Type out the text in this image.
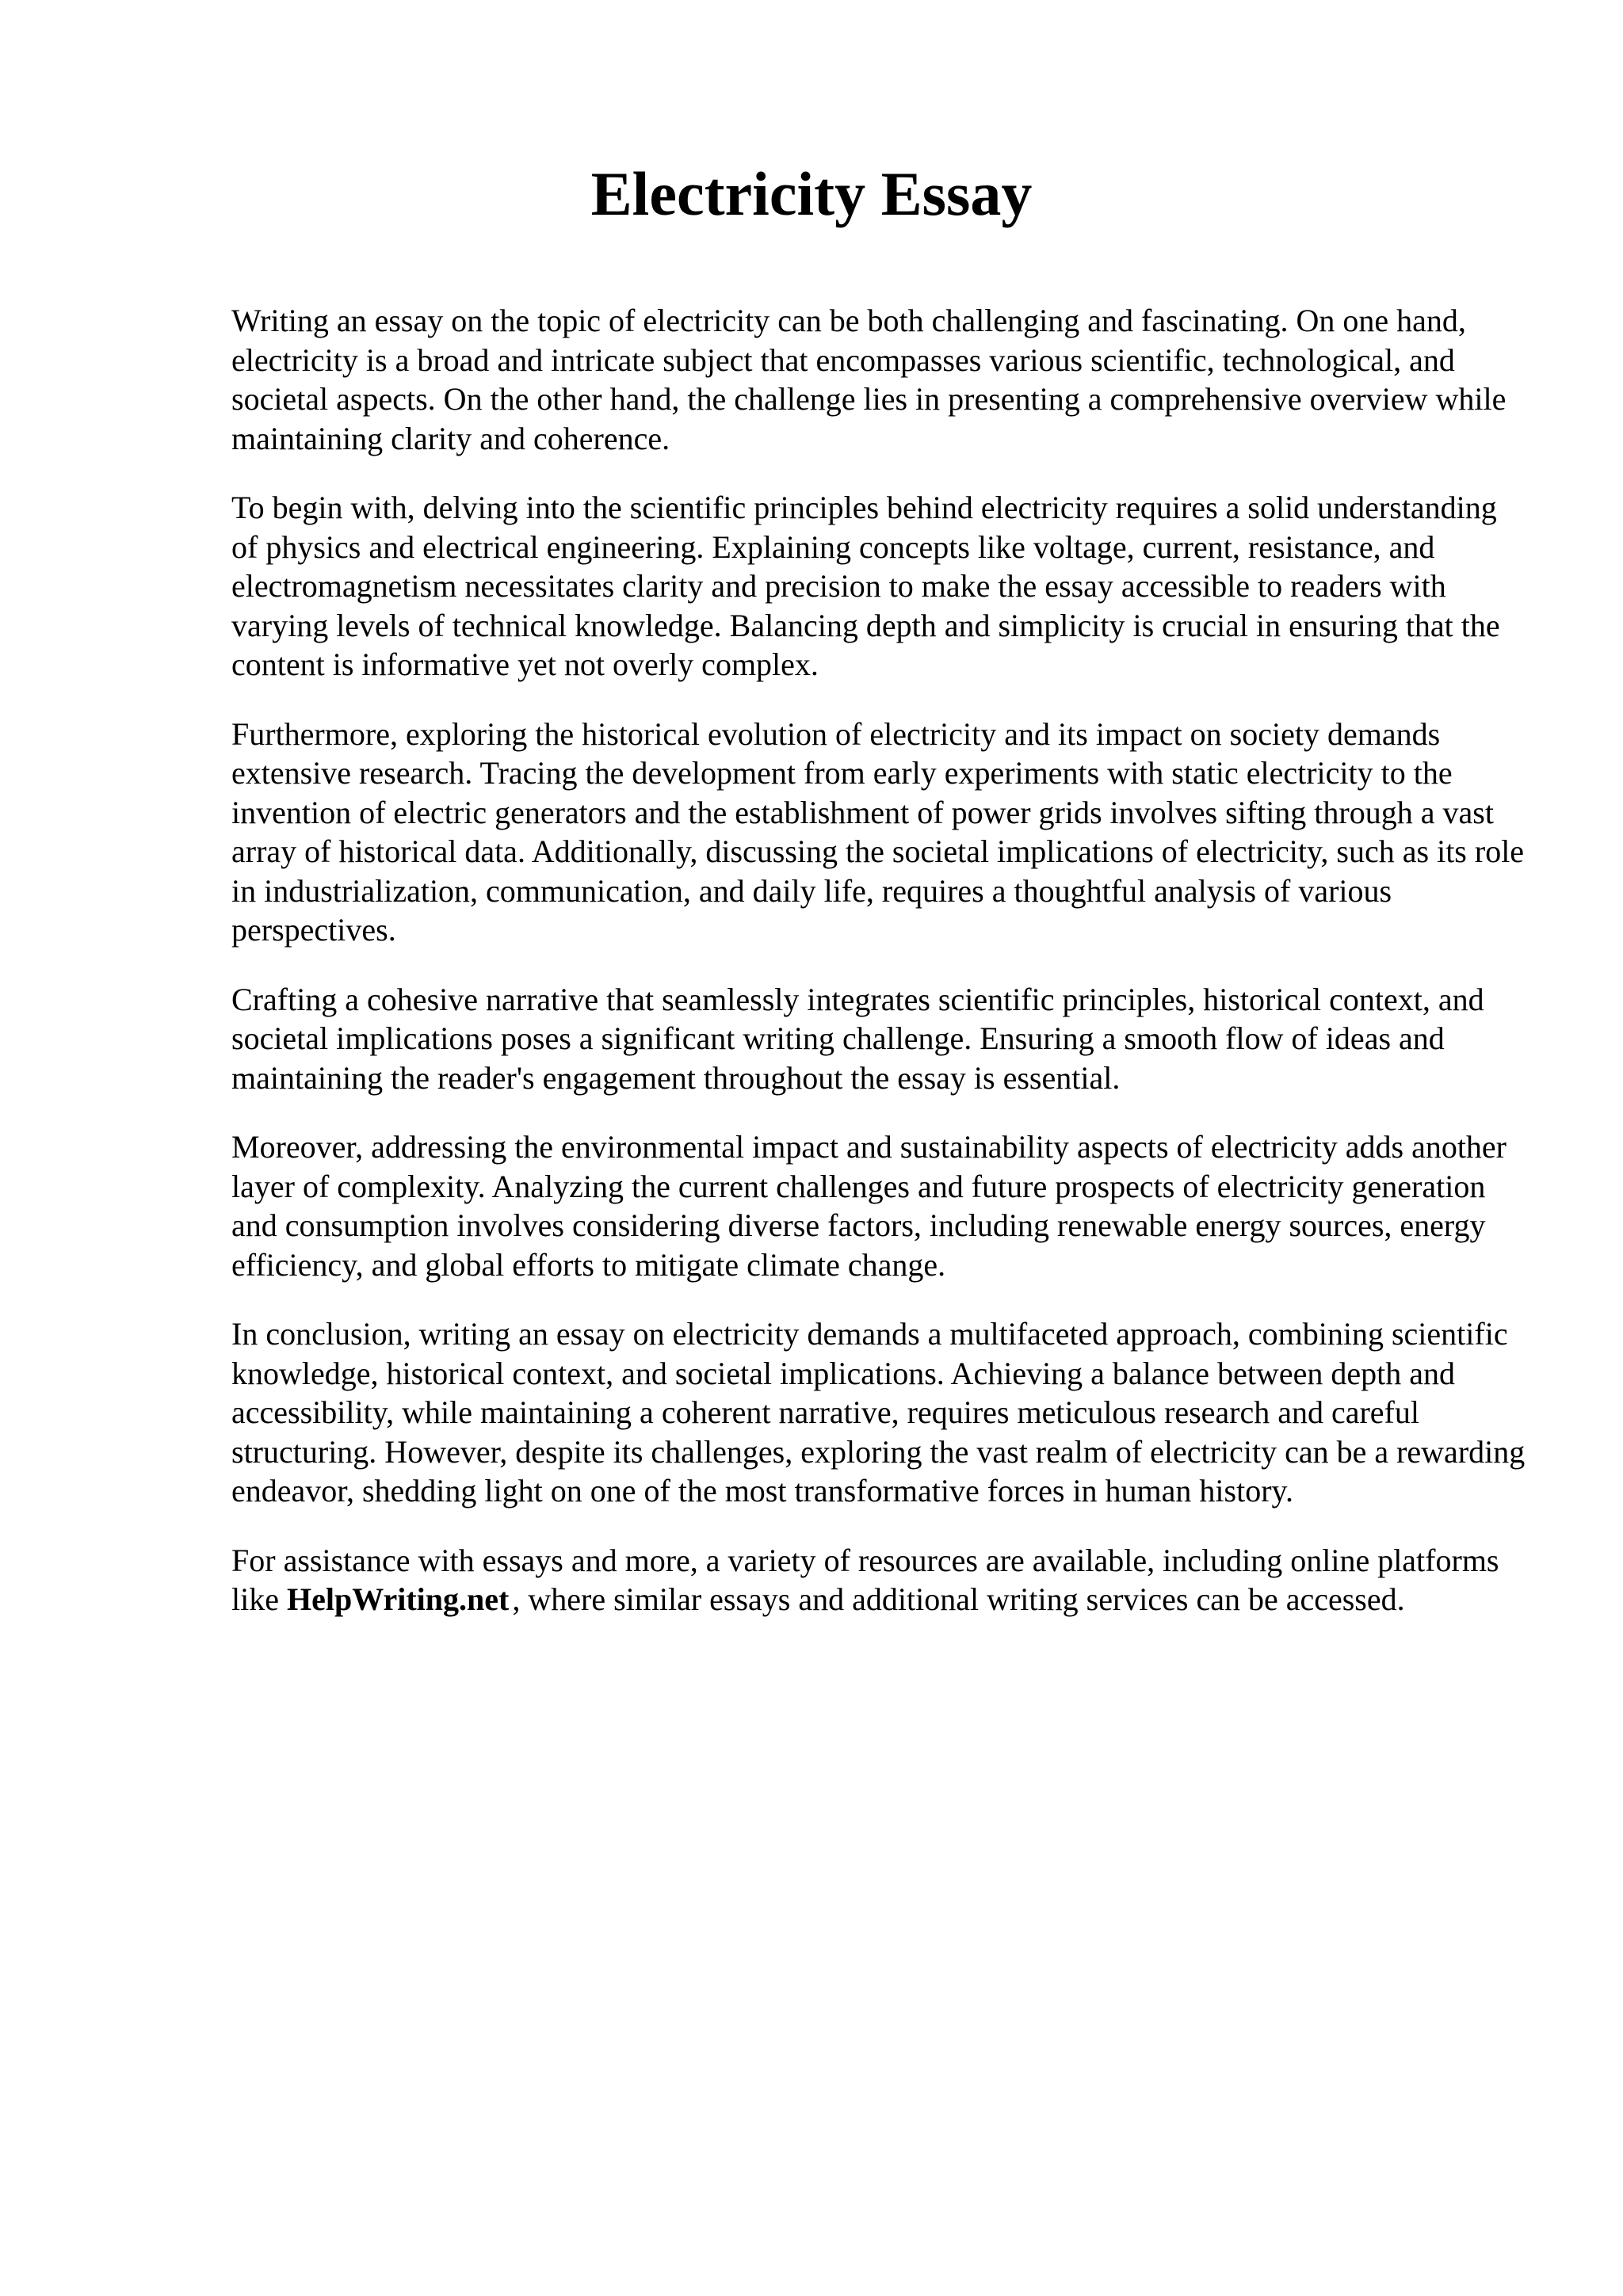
Electricity Essay

Writing an essay on the topic of electricity can be both challenging and fascinating. On one hand, electricity is a broad and intricate subject that encompasses various scientific, technological, and societal aspects. On the other hand, the challenge lies in presenting a comprehensive overview while maintaining clarity and coherence.

To begin with, delving into the scientific principles behind electricity requires a solid understanding of physics and electrical engineering. Explaining concepts like voltage, current, resistance, and electromagnetism necessitates clarity and precision to make the essay accessible to readers with varying levels of technical knowledge. Balancing depth and simplicity is crucial in ensuring that the content is informative yet not overly complex.

Furthermore, exploring the historical evolution of electricity and its impact on society demands extensive research. Tracing the development from early experiments with static electricity to the invention of electric generators and the establishment of power grids involves sifting through a vast array of historical data. Additionally, discussing the societal implications of electricity, such as its role in industrialization, communication, and daily life, requires a thoughtful analysis of various perspectives.

Crafting a cohesive narrative that seamlessly integrates scientific principles, historical context, and societal implications poses a significant writing challenge. Ensuring a smooth flow of ideas and maintaining the reader's engagement throughout the essay is essential.

Moreover, addressing the environmental impact and sustainability aspects of electricity adds another layer of complexity. Analyzing the current challenges and future prospects of electricity generation and consumption involves considering diverse factors, including renewable energy sources, energy efficiency, and global efforts to mitigate climate change.

In conclusion, writing an essay on electricity demands a multifaceted approach, combining scientific knowledge, historical context, and societal implications. Achieving a balance between depth and accessibility, while maintaining a coherent narrative, requires meticulous research and careful structuring. However, despite its challenges, exploring the vast realm of electricity can be a rewarding endeavor, shedding light on one of the most transformative forces in human history.

For assistance with essays and more, a variety of resources are available, including online platforms like HelpWriting.net , where similar essays and additional writing services can be accessed.
